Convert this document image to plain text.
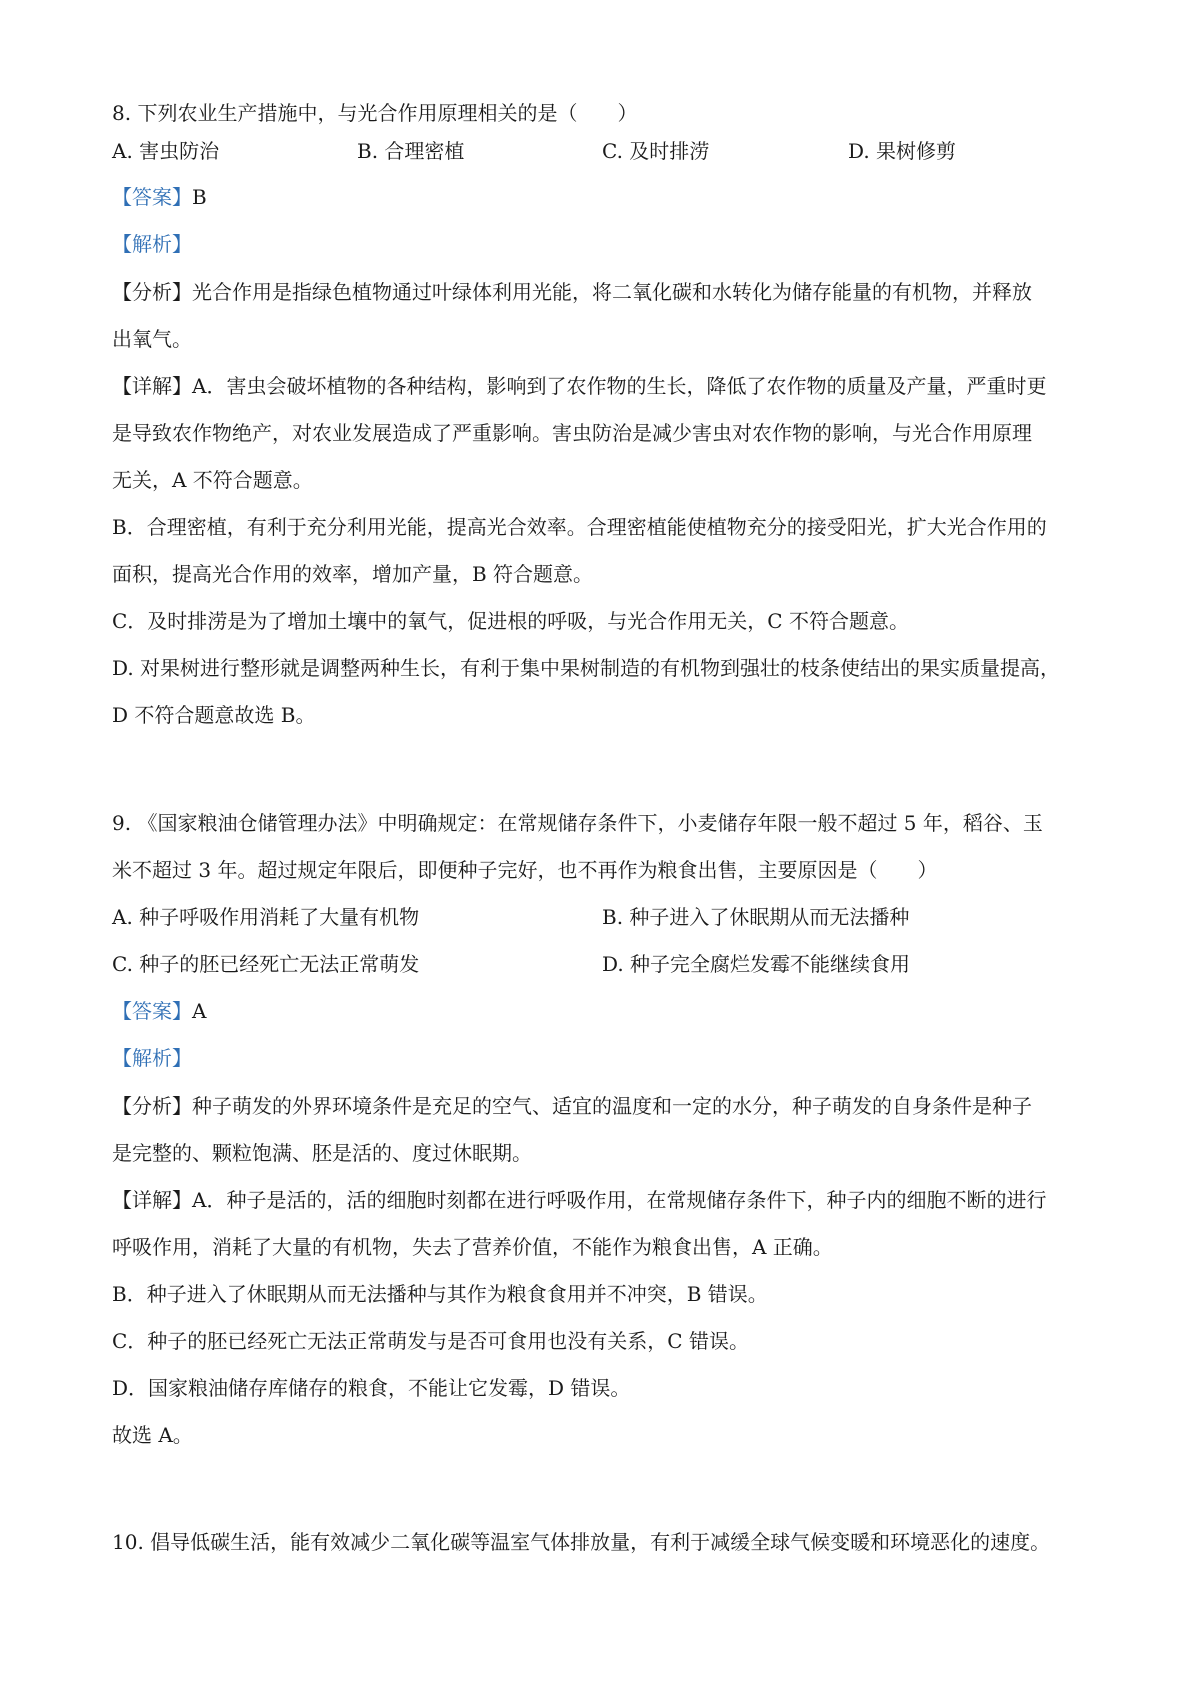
8. 下列农业生产措施中，与光合作用原理相关的是（　　）
A. 害虫防治	B. 合理密植	C. 及时排涝	D. 果树修剪
【答案】B
【解析】
【分析】光合作用是指绿色植物通过叶绿体利用光能，将二氧化碳和水转化为储存能量的有机物，并释放
出氧气。
【详解】A．害虫会破坏植物的各种结构，影响到了农作物的生长，降低了农作物的质量及产量，严重时更
是导致农作物绝产，对农业发展造成了严重影响。害虫防治是减少害虫对农作物的影响，与光合作用原理
无关，A 不符合题意。
B．合理密植，有利于充分利用光能，提高光合效率。合理密植能使植物充分的接受阳光，扩大光合作用的
面积，提高光合作用的效率，增加产量，B 符合题意。
C．及时排涝是为了增加土壤中的氧气，促进根的呼吸，与光合作用无关，C 不符合题意。
D. 对果树进行整形就是调整两种生长，有利于集中果树制造的有机物到强壮的枝条使结出的果实质量提高，
D 不符合题意故选 B。
9. 《国家粮油仓储管理办法》中明确规定：在常规储存条件下，小麦储存年限一般不超过 5 年，稻谷、玉
米不超过 3 年。超过规定年限后，即便种子完好，也不再作为粮食出售，主要原因是（　　）
A. 种子呼吸作用消耗了大量有机物	B. 种子进入了休眠期从而无法播种
C. 种子的胚已经死亡无法正常萌发	D. 种子完全腐烂发霉不能继续食用
【答案】A
【解析】
【分析】种子萌发的外界环境条件是充足的空气、适宜的温度和一定的水分，种子萌发的自身条件是种子
是完整的、颗粒饱满、胚是活的、度过休眠期。
【详解】A．种子是活的，活的细胞时刻都在进行呼吸作用，在常规储存条件下，种子内的细胞不断的进行
呼吸作用，消耗了大量的有机物，失去了营养价值，不能作为粮食出售，A 正确。
B．种子进入了休眠期从而无法播种与其作为粮食食用并不冲突，B 错误。
C．种子的胚已经死亡无法正常萌发与是否可食用也没有关系，C 错误。
D．国家粮油储存库储存的粮食，不能让它发霉，D 错误。
故选 A。
10. 倡导低碳生活，能有效减少二氧化碳等温室气体排放量，有利于减缓全球气候变暖和环境恶化的速度。
